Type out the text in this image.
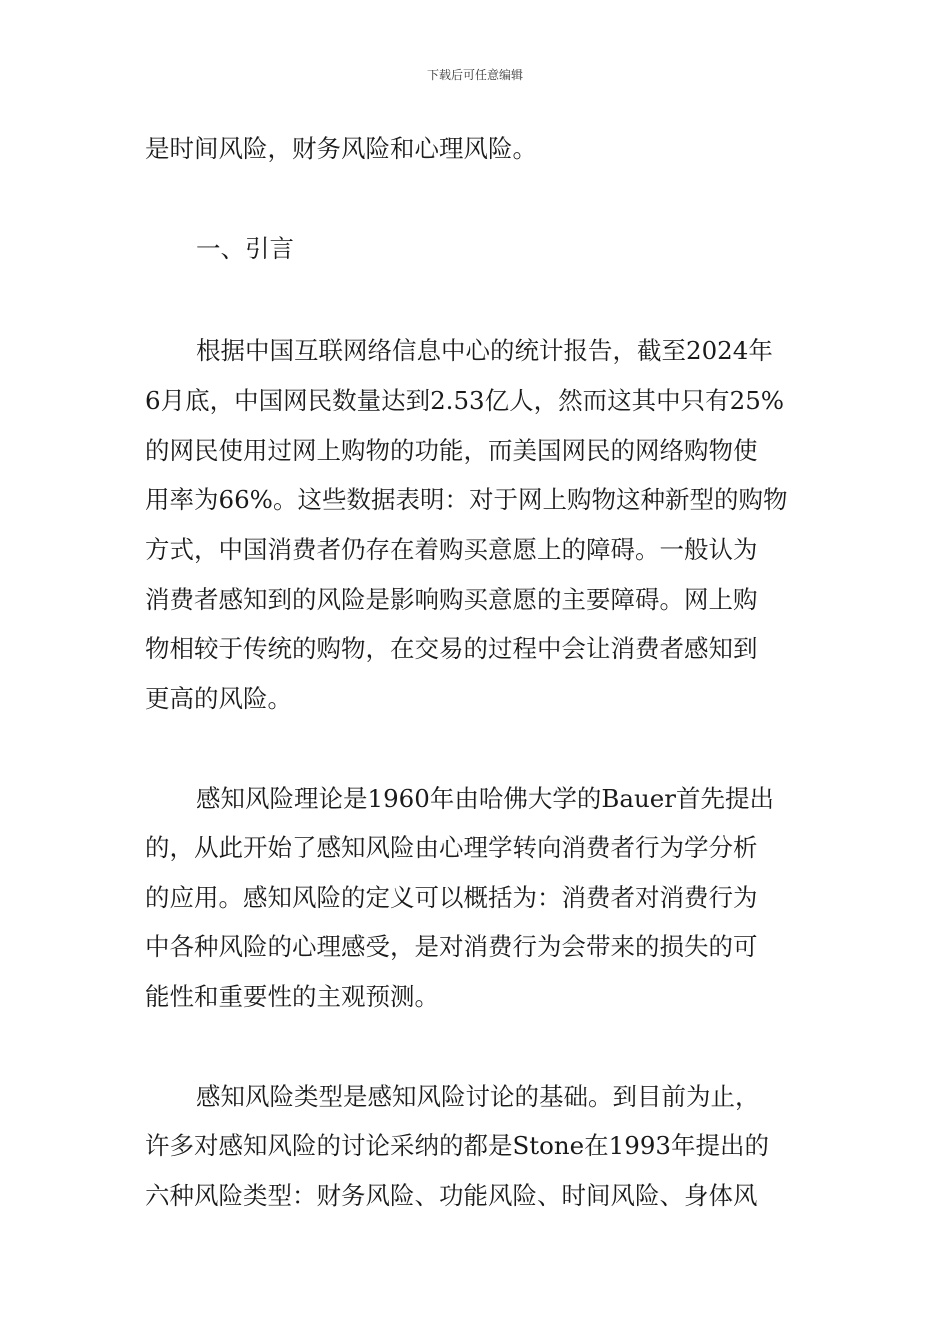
下载后可任意编辑
是时间风险，财务风险和心理风险。
一、引言
根据中国互联网络信息中心的统计报告，截至2024年
6月底，中国网民数量达到2.53亿人，然而这其中只有25%
的网民使用过网上购物的功能，而美国网民的网络购物使
用率为66%。这些数据表明：对于网上购物这种新型的购物
方式，中国消费者仍存在着购买意愿上的障碍。一般认为
消费者感知到的风险是影响购买意愿的主要障碍。网上购
物相较于传统的购物，在交易的过程中会让消费者感知到
更高的风险。
感知风险理论是1960年由哈佛大学的Bauer首先提出
的，从此开始了感知风险由心理学转向消费者行为学分析
的应用。感知风险的定义可以概括为：消费者对消费行为
中各种风险的心理感受，是对消费行为会带来的损失的可
能性和重要性的主观预测。
感知风险类型是感知风险讨论的基础。到目前为止，
许多对感知风险的讨论采纳的都是Stone在1993年提出的
六种风险类型：财务风险、功能风险、时间风险、身体风
